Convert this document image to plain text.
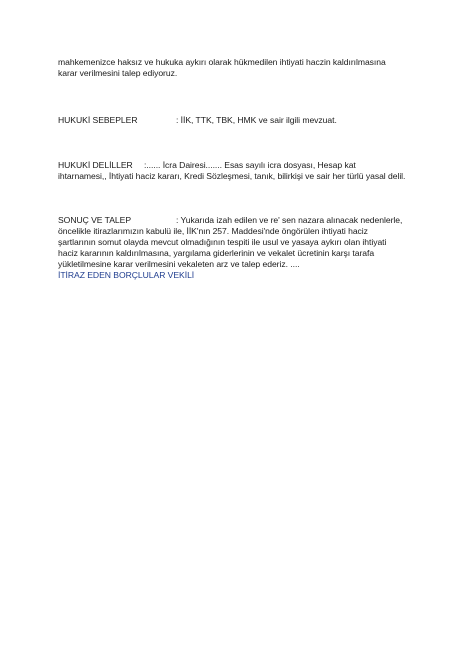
mahkemenizce haksız ve hukuka aykırı olarak hükmedilen ihtiyati haczin kaldırılmasına
karar verilmesini talep ediyoruz.
HUKUKİ SEBEPLER	: İİK, TTK, TBK, HMK ve sair ilgili mevzuat.
HUKUKİ DELİLLER :...... İcra Dairesi....... Esas sayılı icra dosyası, Hesap kat
ihtarnamesi,, İhtiyati haciz kararı, Kredi Sözleşmesi, tanık, bilirkişi ve sair her türlü yasal delil.
SONUÇ VE TALEP	: Yukarıda izah edilen ve re' sen nazara alınacak nedenlerle,
öncelikle itirazlarımızın kabulü ile, İİK'nın 257. Maddesi'nde öngörülen ihtiyati haciz
şartlarının somut olayda mevcut olmadığının tespiti ile usul ve yasaya aykırı olan ihtiyati
haciz kararının kaldırılmasına, yargılama giderlerinin ve vekalet ücretinin karşı tarafa
yükletilmesine karar verilmesini vekaleten arz ve talep ederiz. ....
İTİRAZ EDEN BORÇLULAR VEKİLİ
